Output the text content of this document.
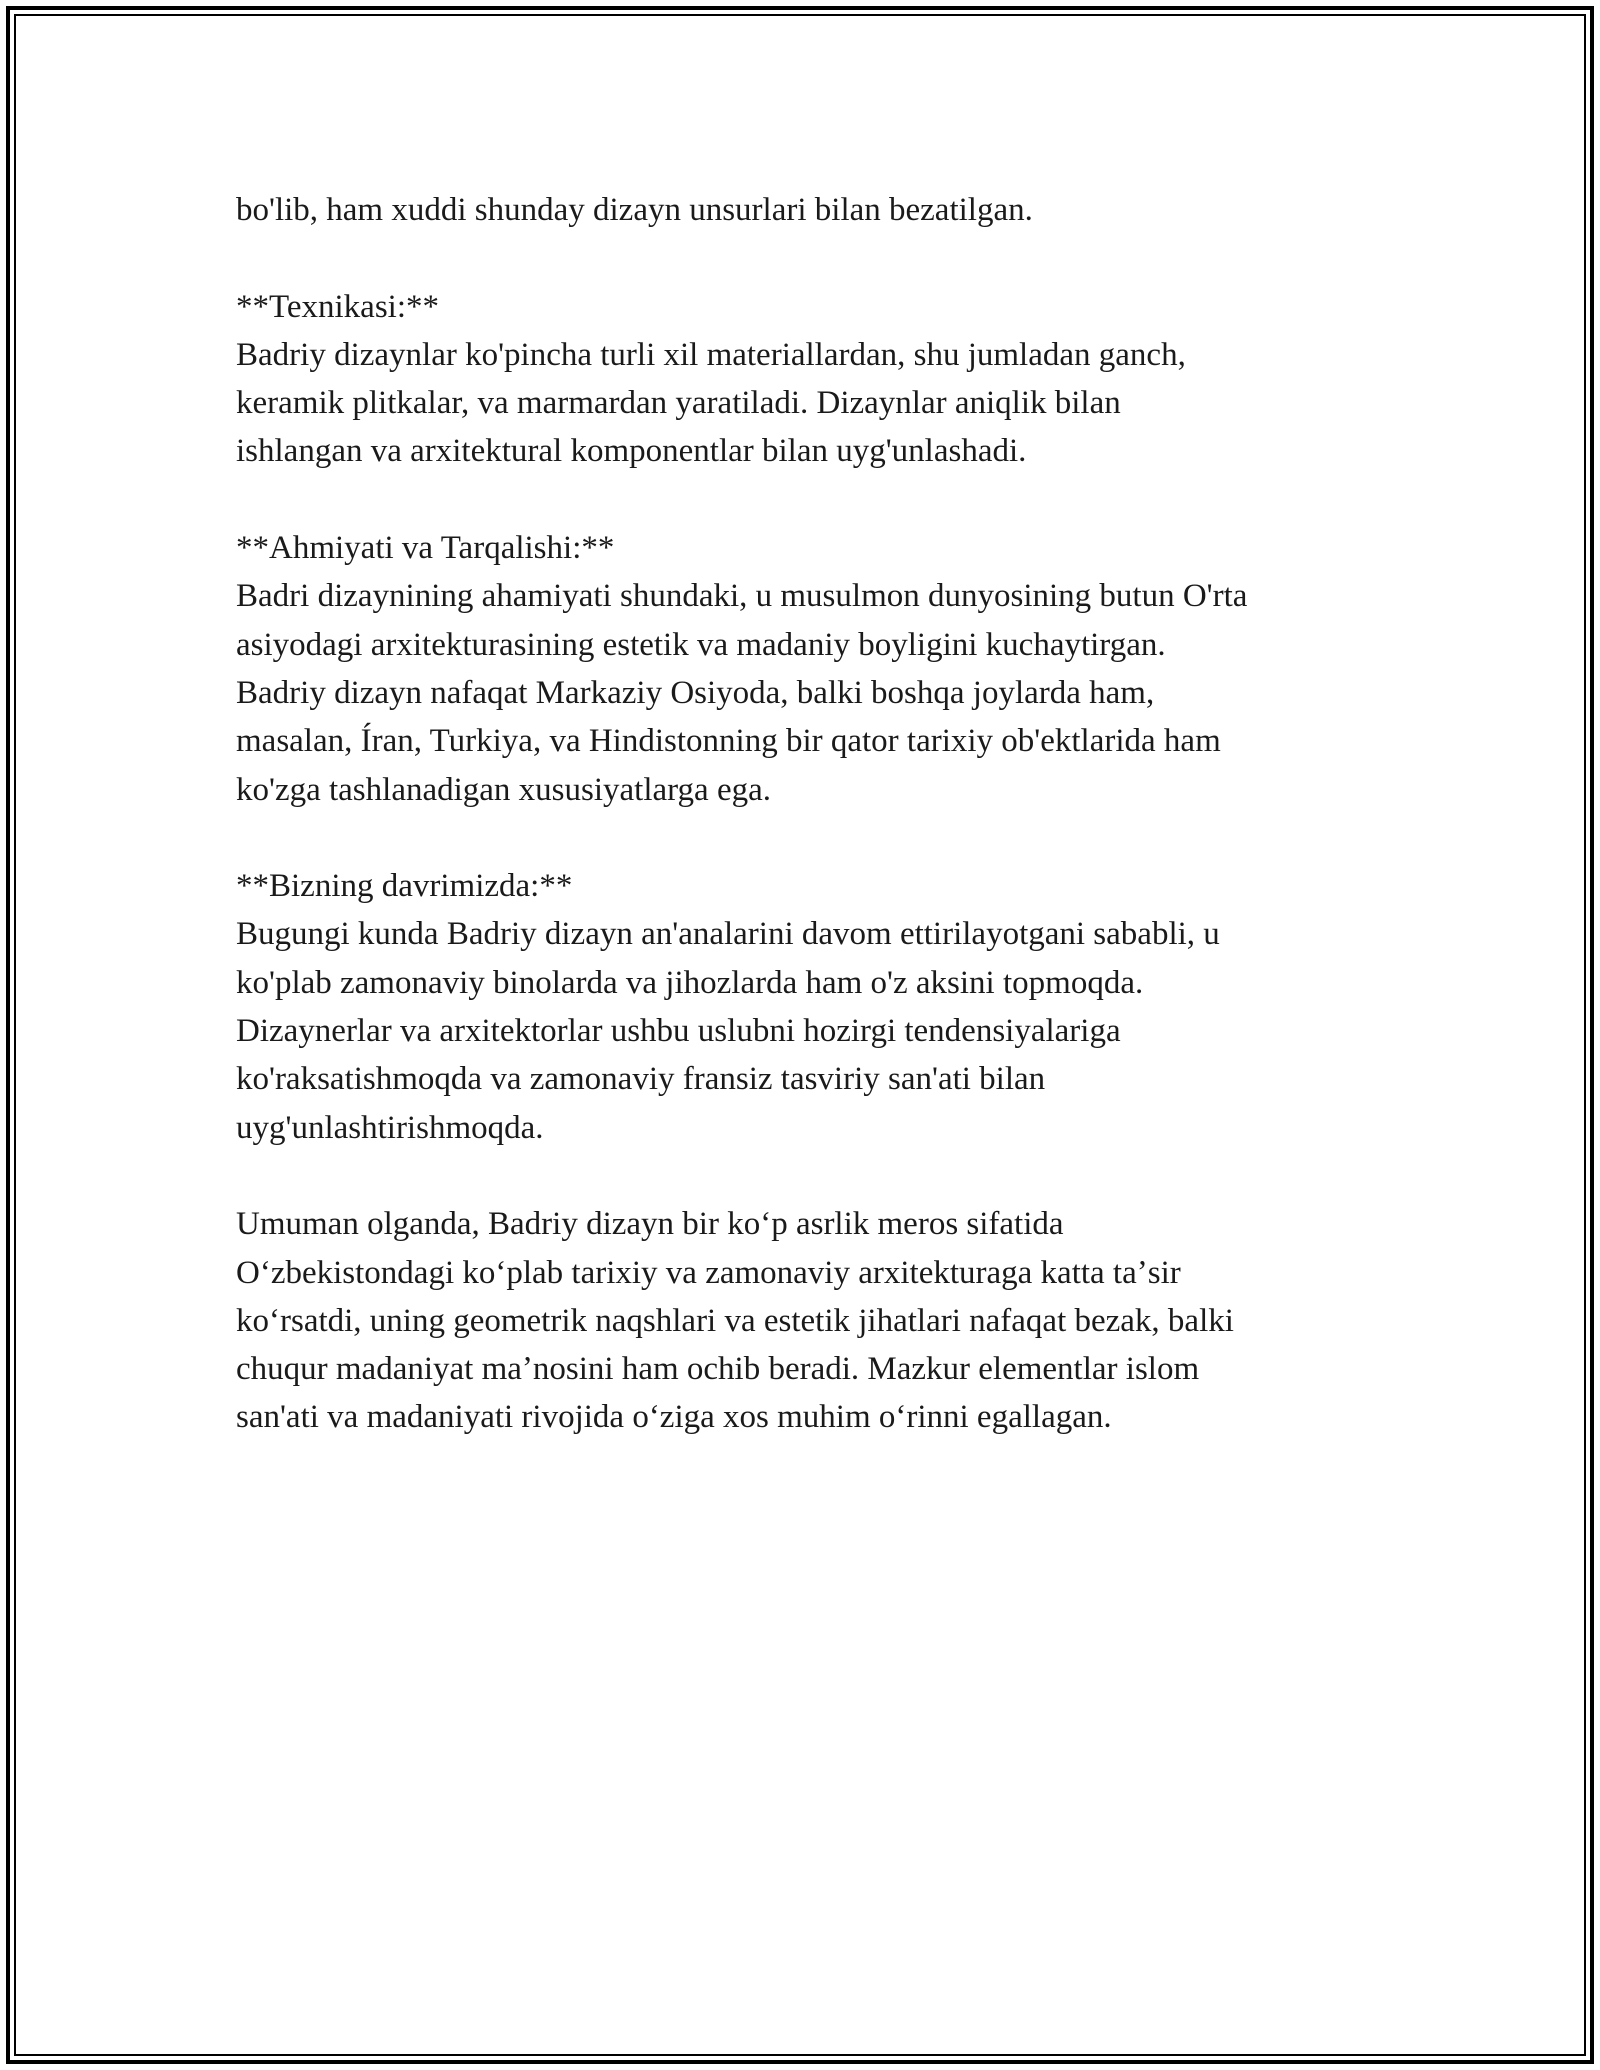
bo'lib, ham xuddi shunday dizayn unsurlari bilan bezatilgan.

**Texnikasi:**
Badriy dizaynlar ko'pincha turli xil materiallardan, shu jumladan ganch,
keramik plitkalar, va marmardan yaratiladi. Dizaynlar aniqlik bilan
ishlangan va arxitektural komponentlar bilan uyg'unlashadi.

**Ahmiyati va Tarqalishi:**
Badri dizaynining ahamiyati shundaki, u musulmon dunyosining butun O'rta
asiyodagi arxitekturasining estetik va madaniy boyligini kuchaytirgan.
Badriy dizayn nafaqat Markaziy Osiyoda, balki boshqa joylarda ham,
masalan, Íran, Turkiya, va Hindistonning bir qator tarixiy ob'ektlarida ham
ko'zga tashlanadigan xususiyatlarga ega.

**Bizning davrimizda:**
Bugungi kunda Badriy dizayn an'analarini davom ettirilayotgani sababli, u
ko'plab zamonaviy binolarda va jihozlarda ham o'z aksini topmoqda.
Dizaynerlar va arxitektorlar ushbu uslubni hozirgi tendensiyalariga
ko'raksatishmoqda va zamonaviy fransiz tasviriy san'ati bilan
uyg'unlashtirishmoqda.

Umuman olganda, Badriy dizayn bir koʻp asrlik meros sifatida
Oʻzbekistondagi koʻplab tarixiy va zamonaviy arxitekturaga katta taʼsir
koʻrsatdi, uning geometrik naqshlari va estetik jihatlari nafaqat bezak, balki
chuqur madaniyat maʼnosini ham ochib beradi. Mazkur elementlar islom
san'ati va madaniyati rivojida oʻziga xos muhim oʻrinni egallagan.
